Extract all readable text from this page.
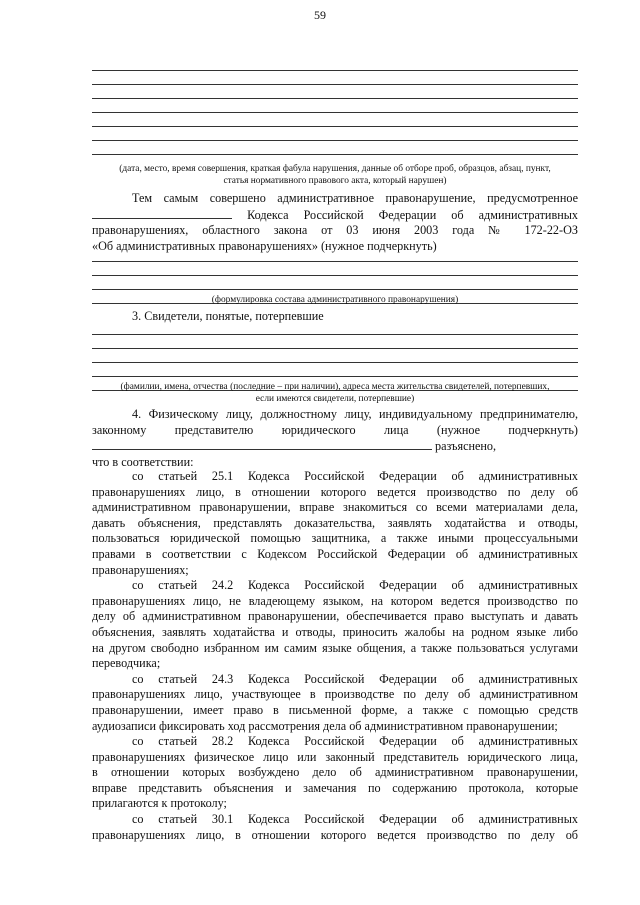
59
(дата, место, время совершения, краткая фабула нарушения, данные об отборе проб, образцов, абзац, пункт,
статья нормативного правового акта, который нарушен)

Тем самым совершено административное правонарушение, предусмотренное

Кодекса Российской Федерации об административных

правонарушениях, областного закона от 03 июня 2003 года № 172-22-ОЗ

«Об административных правонарушениях» (нужное подчеркнуть)

(формулировка состава административного правонарушения)

3. Свидетели, понятые, потерпевшие

(фамилии, имена, отчества (последние – при наличии), адреса места жительства свидетелей, потерпевших,
если имеются свидетели, потерпевшие)

4. Физическому лицу, должностному лицу, индивидуальному предпринимателю,

законному представителю юридического лица (нужное подчеркнуть)

разъяснено,

что в соответствии:

со статьей 25.1 Кодекса Российской Федерации об административных

правонарушениях лицо, в отношении которого ведется производство по делу об

административном правонарушении, вправе знакомиться со всеми материалами дела,

давать объяснения, представлять доказательства, заявлять ходатайства и отводы,

пользоваться юридической помощью защитника, а также иными процессуальными

правами в соответствии с Кодексом Российской Федерации об административных

правонарушениях;

со статьей 24.2 Кодекса Российской Федерации об административных

правонарушениях лицо, не владеющему языком, на котором ведется производство по

делу об административном правонарушении, обеспечивается право выступать и давать

объяснения, заявлять ходатайства и отводы, приносить жалобы на родном языке либо

на другом свободно избранном им самим языке общения, а также пользоваться услугами

переводчика;

со статьей 24.3 Кодекса Российской Федерации об административных

правонарушениях лицо, участвующее в производстве по делу об административном

правонарушении, имеет право в письменной форме, а также с помощью средств

аудиозаписи фиксировать ход рассмотрения дела об административном правонарушении;

со статьей 28.2 Кодекса Российской Федерации об административных

правонарушениях физическое лицо или законный представитель юридического лица,

в отношении которых возбуждено дело об административном правонарушении,

вправе представить объяснения и замечания по содержанию протокола, которые

прилагаются к протоколу;

со статьей 30.1 Кодекса Российской Федерации об административных

правонарушениях лицо, в отношении которого ведется производство по делу об
